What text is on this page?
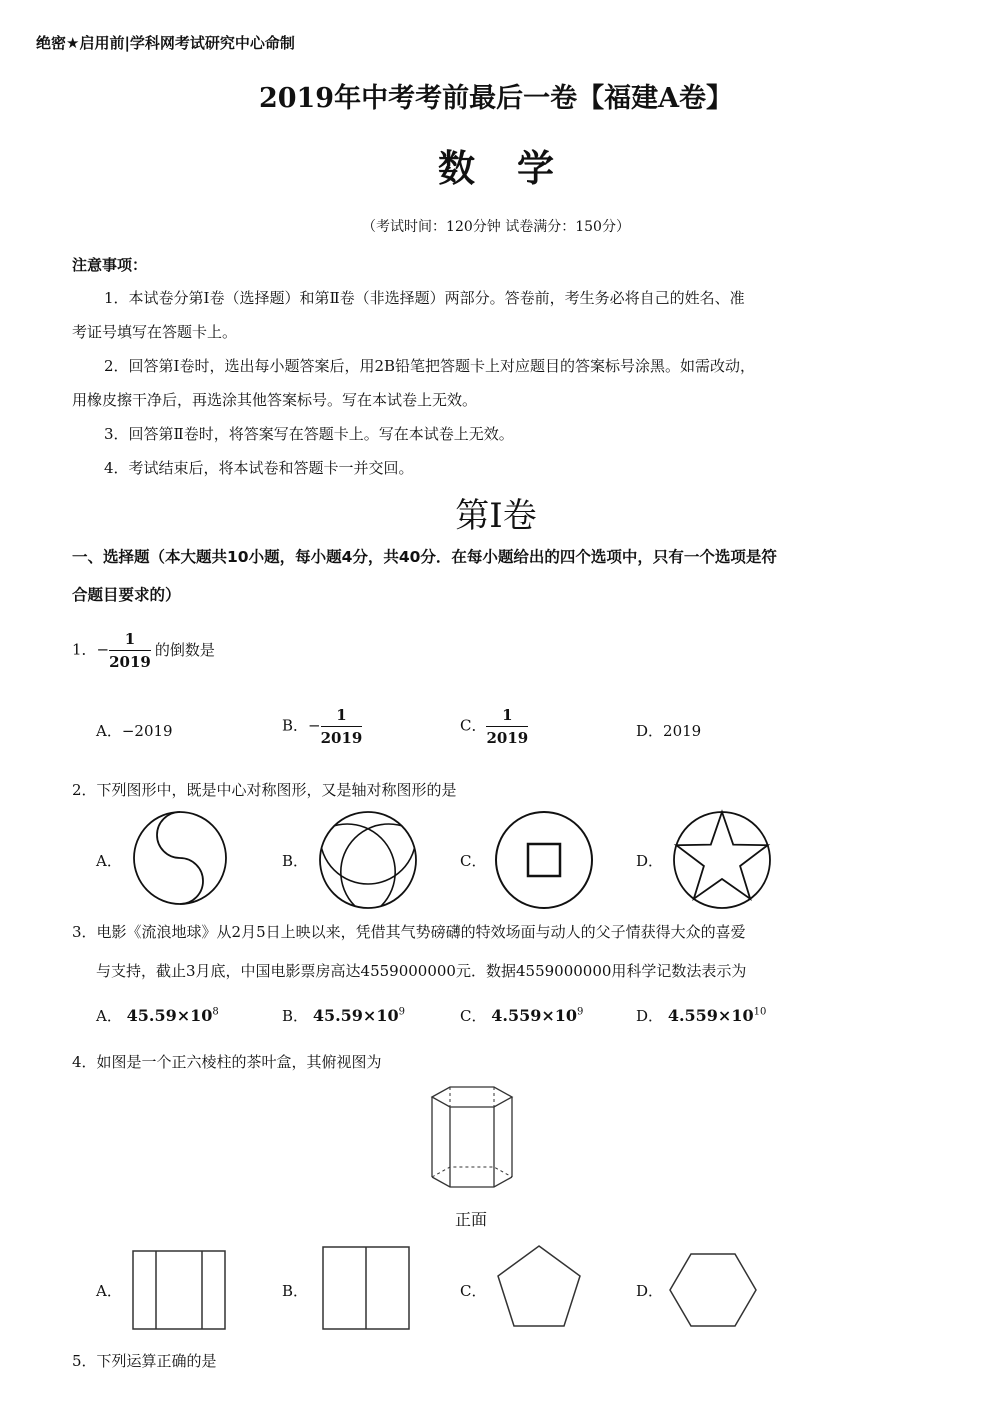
绝密★启用前|学科网考试研究中心命制
2019年中考考前最后一卷【福建A卷】
数学
（考试时间：120分钟 试卷满分：150分）
注意事项：
1．本试卷分第Ⅰ卷（选择题）和第Ⅱ卷（非选择题）两部分。答卷前，考生务必将自己的姓名、准
考证号填写在答题卡上。
2．回答第Ⅰ卷时，选出每小题答案后，用2B铅笔把答题卡上对应题目的答案标号涂黑。如需改动，
用橡皮擦干净后，再选涂其他答案标号。写在本试卷上无效。
3．回答第Ⅱ卷时，将答案写在答题卡上。写在本试卷上无效。
4．考试结束后，将本试卷和答题卡一并交回。
第Ⅰ卷
一、选择题（本大题共10小题，每小题4分，共40分．在每小题给出的四个选项中，只有一个选项是符
合题目要求的）
1．− $\frac{1}{2019}$ 的倒数是
A．−2019	B．− $\frac{1}{2019}$	C． $\frac{1}{2019}$	D．2019
2．下列图形中，既是中心对称图形，又是轴对称图形的是
A．	B．	C．	D．
3．电影《流浪地球》从2月5日上映以来，凭借其气势磅礴的特效场面与动人的父子情获得大众的喜爱
与支持，截止3月底，中国电影票房高达4559000000元．数据4559000000用科学记数法表示为
A． $45.59\times 10^8$	B． $45.59\times 10^9$	C． $4.559\times 10^9$	D． $4.559\times 10^{10}$
4．如图是一个正六棱柱的茶叶盒，其俯视图为
正面
A．	B．	C．	D．
5．下列运算正确的是
